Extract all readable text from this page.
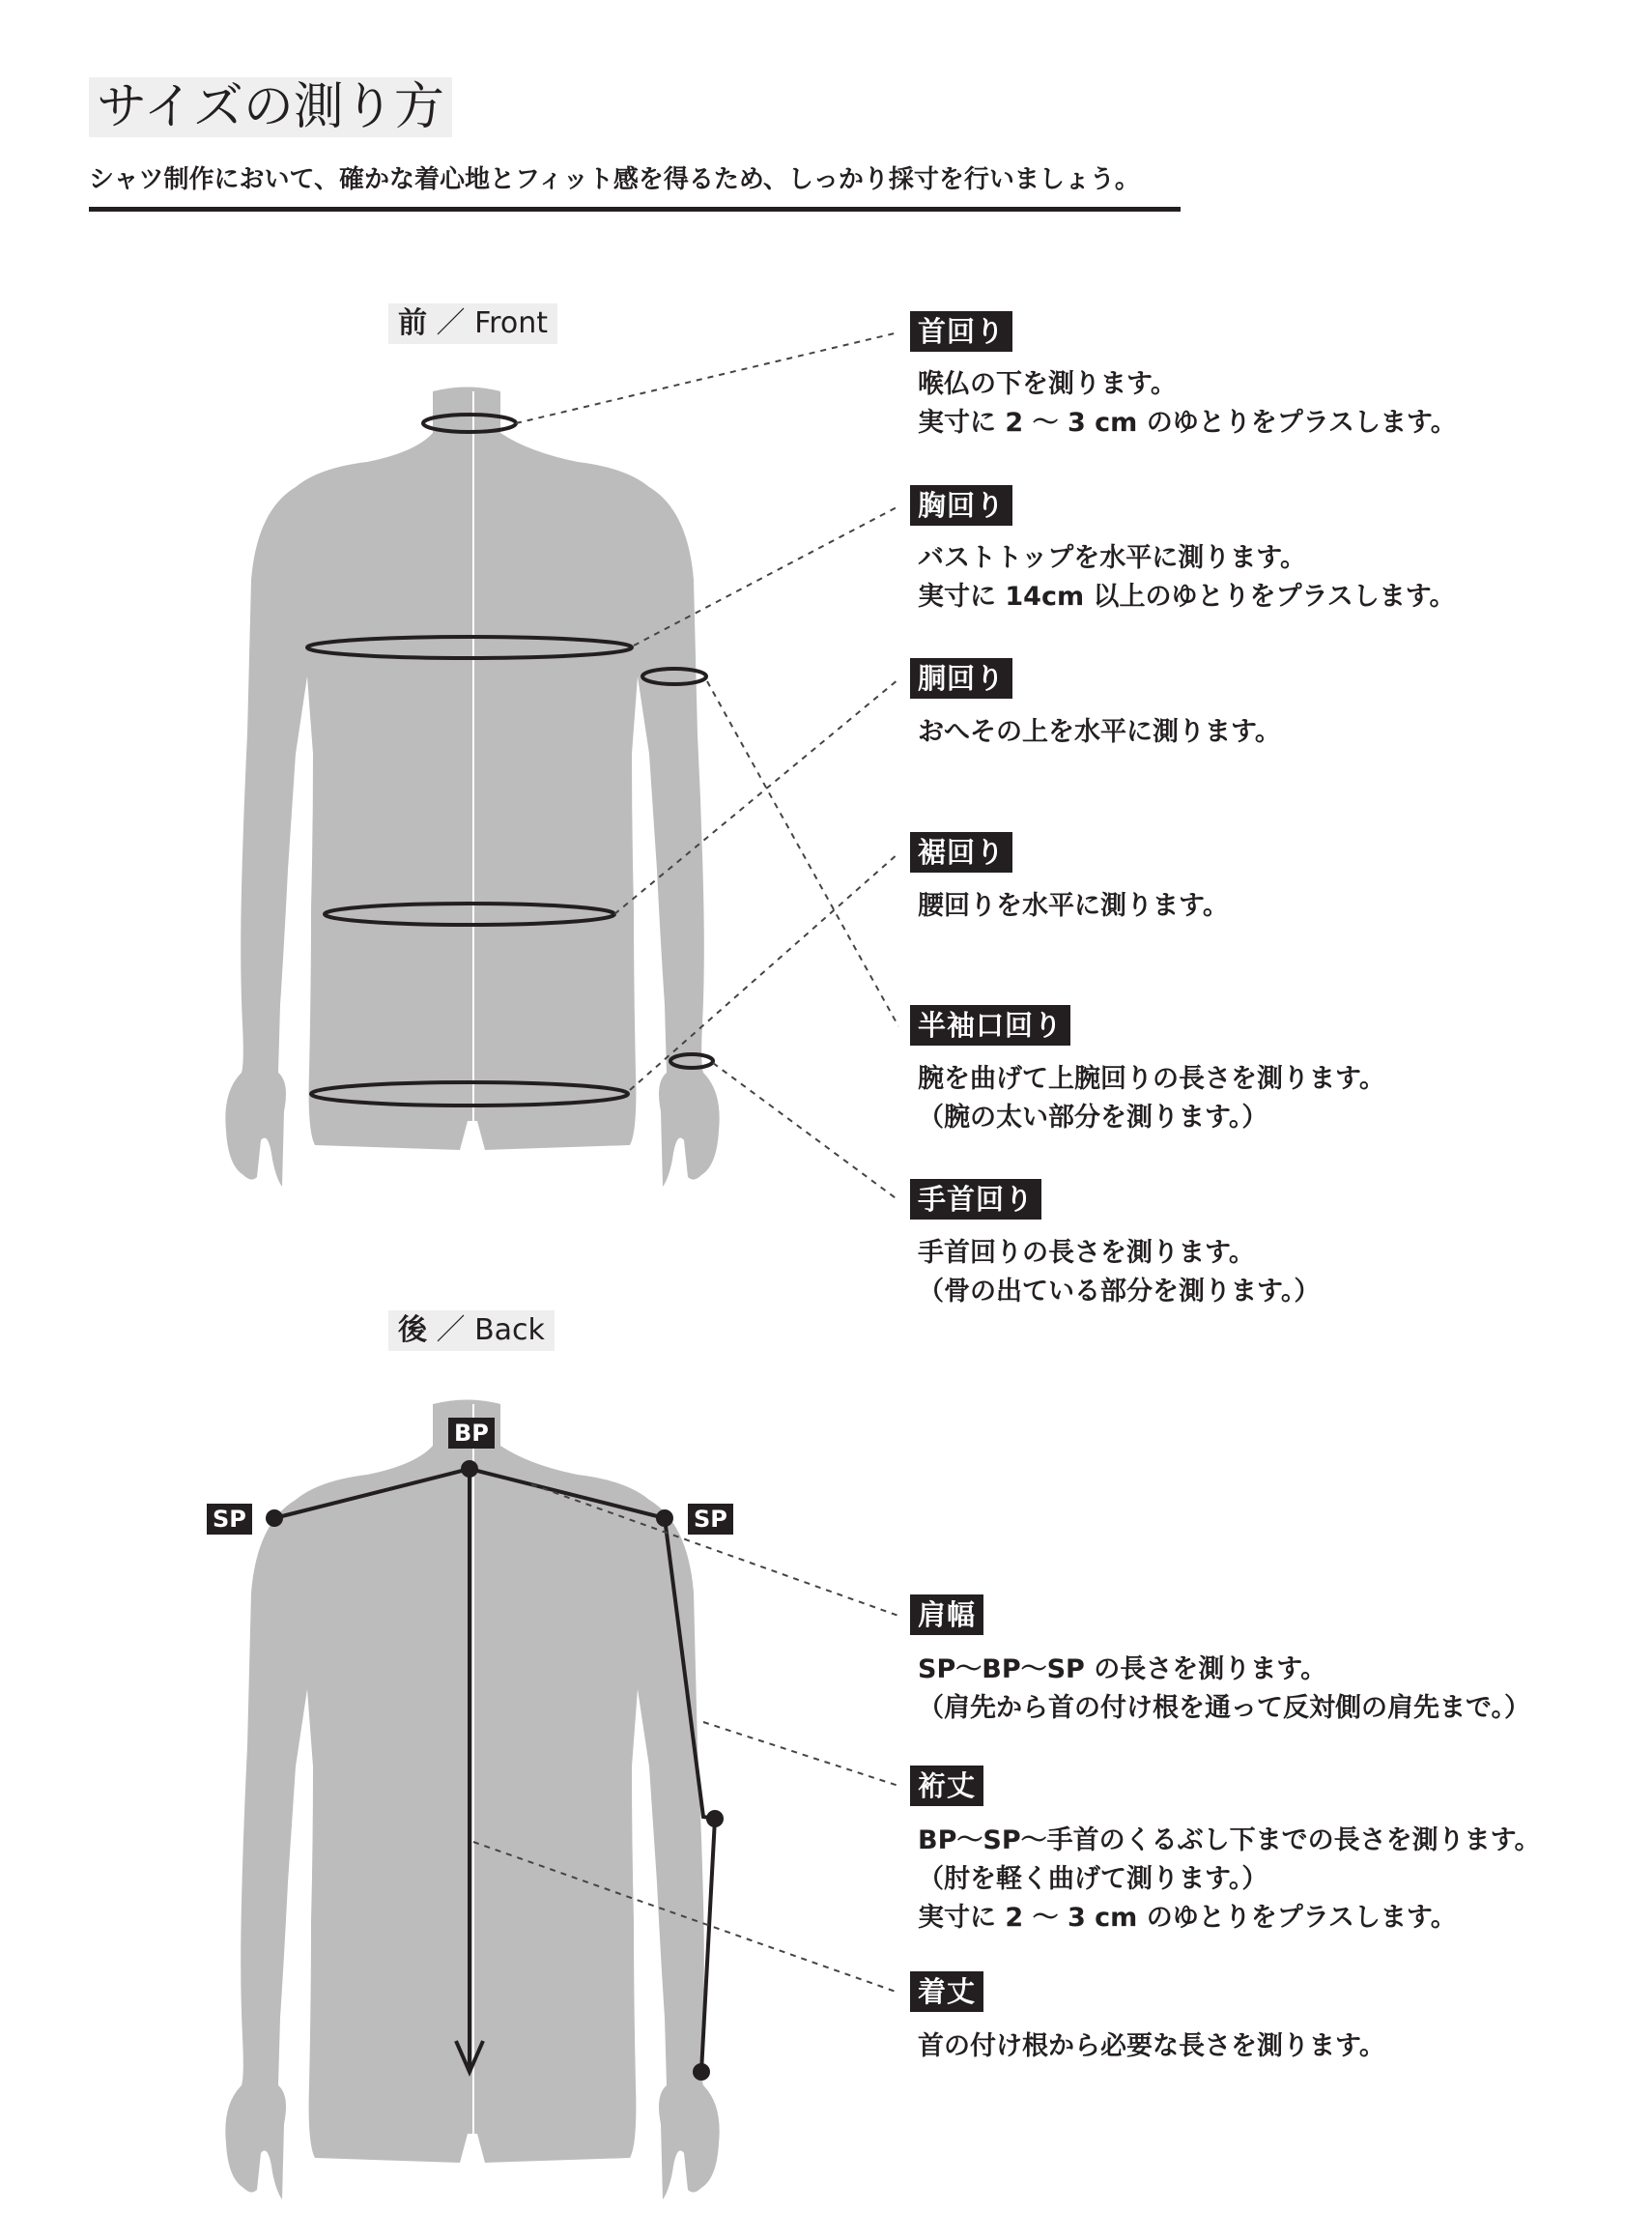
サイズの測り方
シャツ制作において、確かな着心地とフィット感を得るため、しっかり採寸を行いましょう。
前 ／ Front
後 ／ Back
BP
SP	SP
首回り
喉仏の下を測ります。
実寸に 2 ～ 3 cm のゆとりをプラスします。
胸回り
バストトップを水平に測ります。
実寸に 14cm 以上のゆとりをプラスします。
胴回り
おへその上を水平に測ります。
裾回り
腰回りを水平に測ります。
半袖口回り
腕を曲げて上腕回りの長さを測ります。
（腕の太い部分を測ります。）
手首回り
手首回りの長さを測ります。
（骨の出ている部分を測ります。）
肩幅
SP～BP～SP の長さを測ります。
（肩先から首の付け根を通って反対側の肩先まで。）
裄丈
BP～SP～手首のくるぶし下までの長さを測ります。
（肘を軽く曲げて測ります。）
実寸に 2 ～ 3 cm のゆとりをプラスします。
着丈
首の付け根から必要な長さを測ります。
